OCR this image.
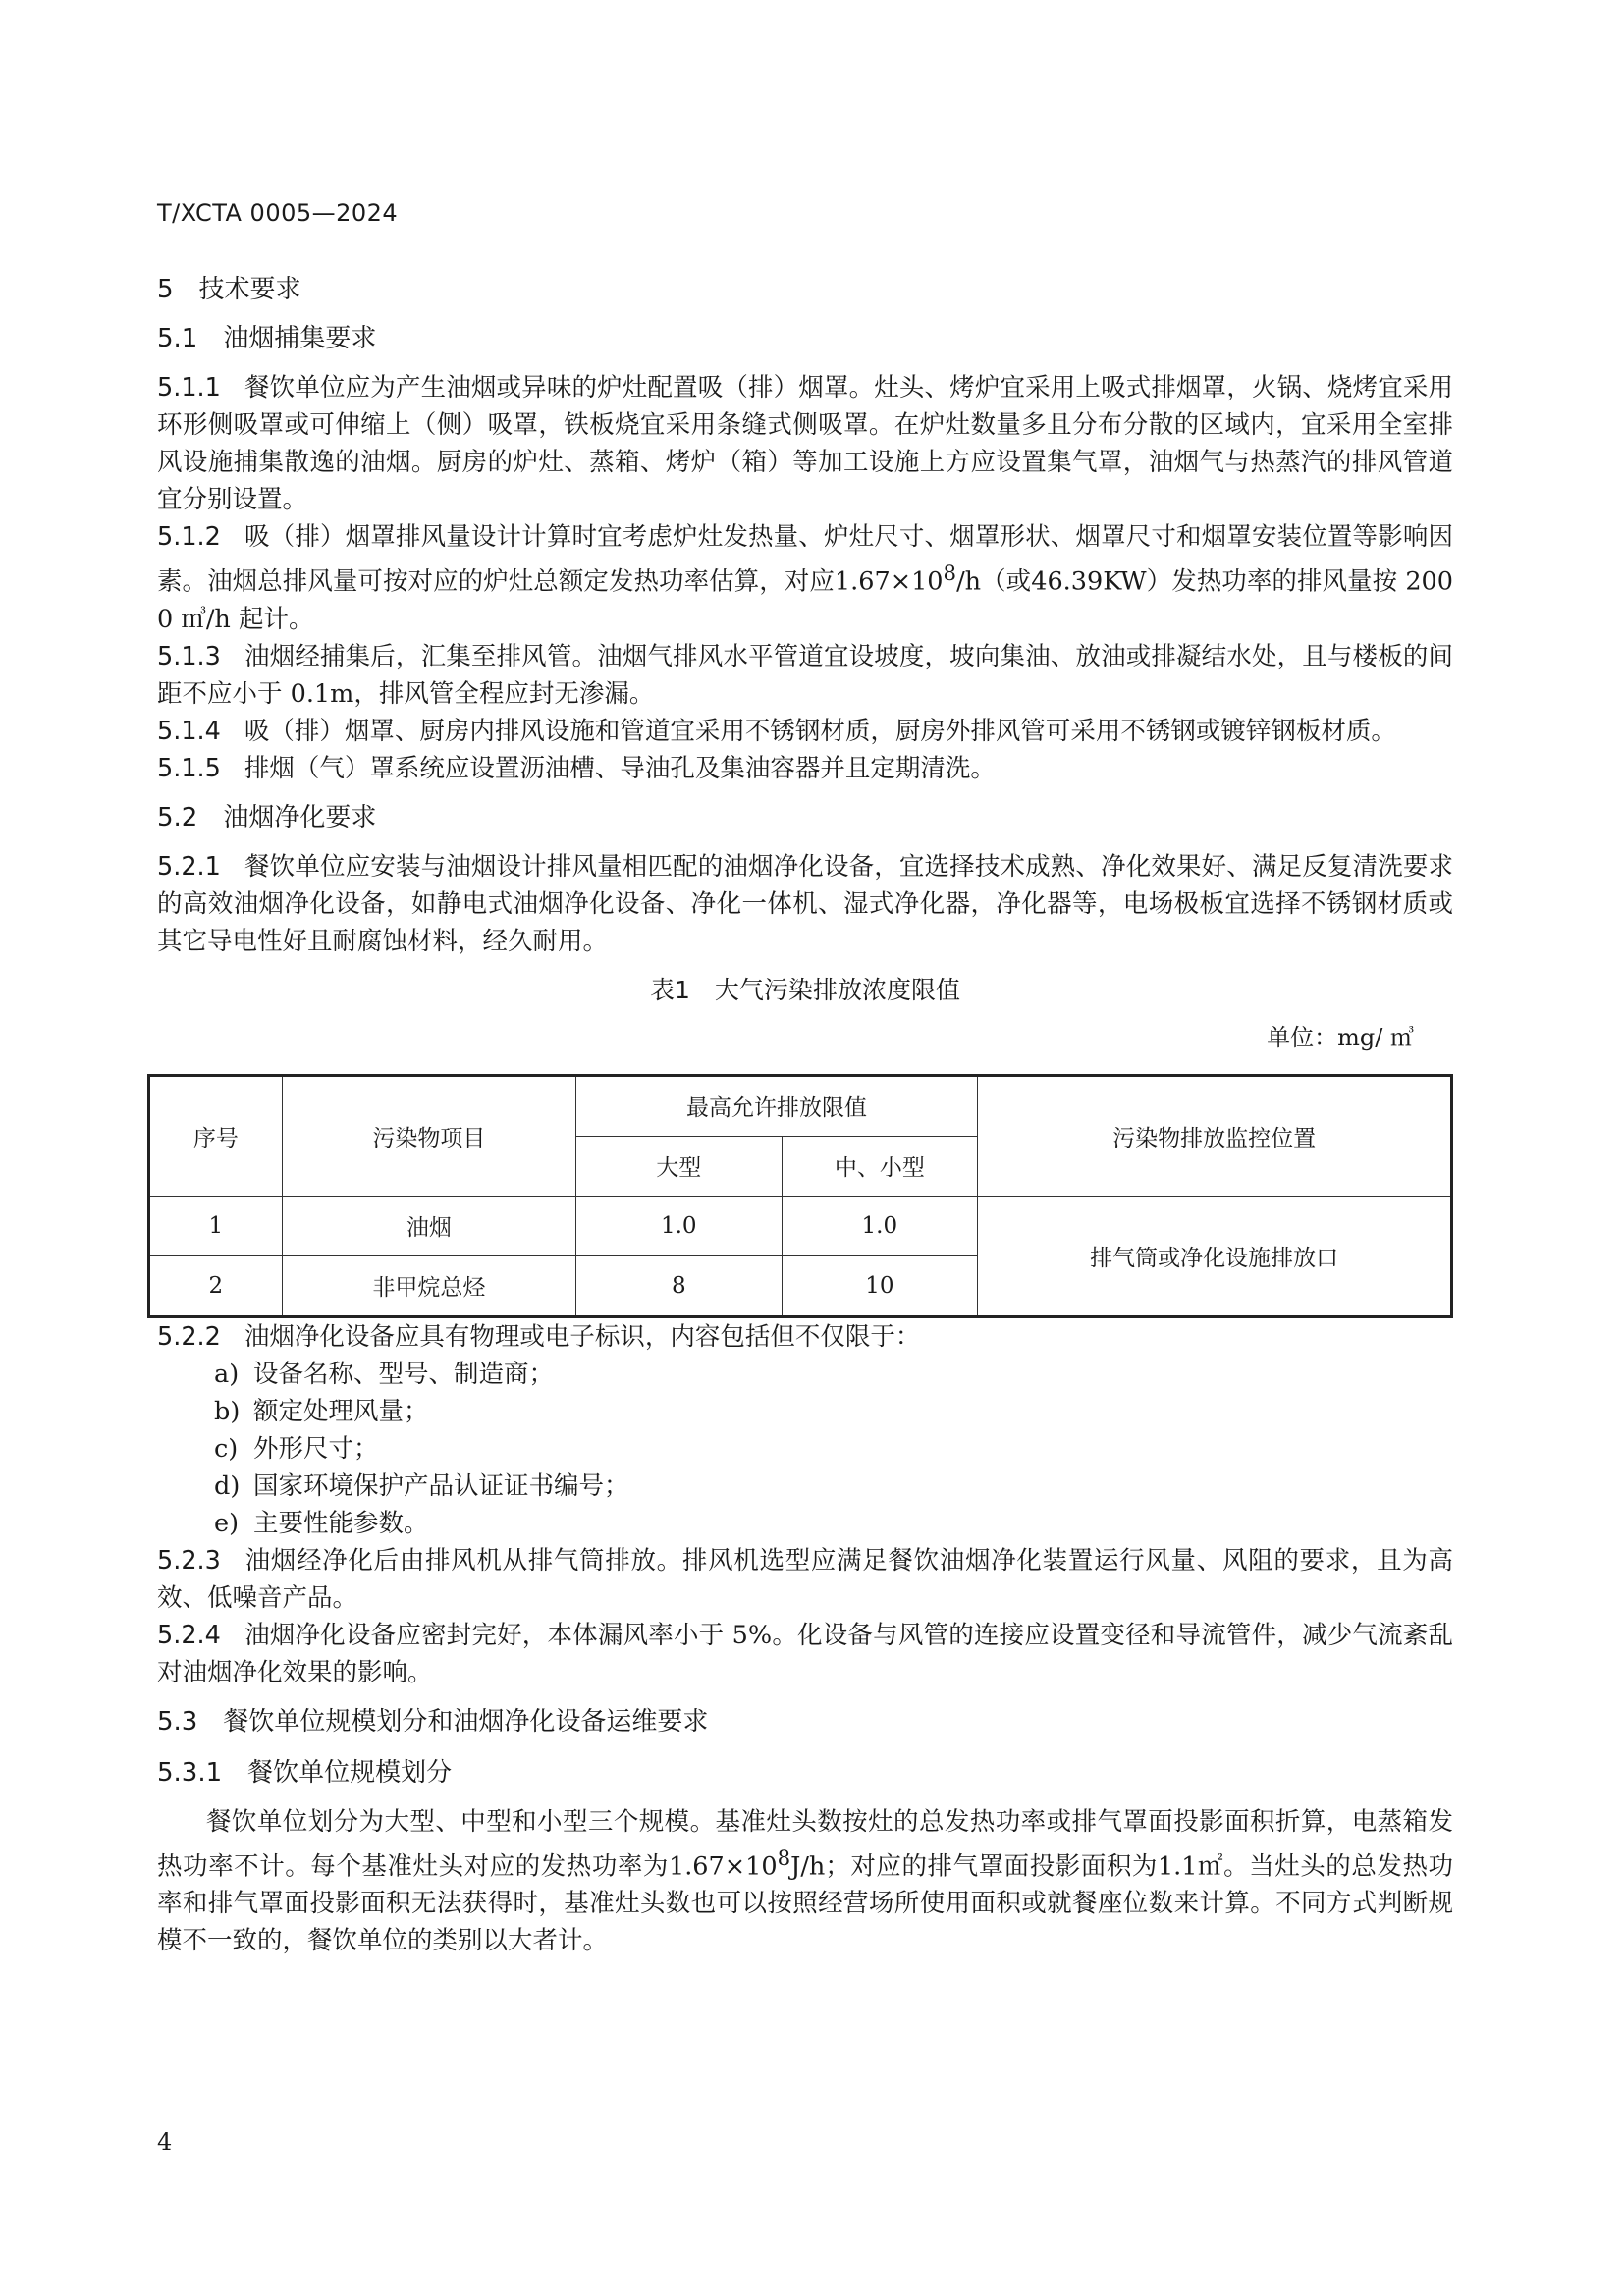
T/XCTA 0005—2024
5 技术要求
5.1 油烟捕集要求

5.1.1 餐饮单位应为产生油烟或异味的炉灶配置吸（排）烟罩。灶头、烤炉宜采用上吸式排烟罩，火锅、烧烤宜采用环形侧吸罩或可伸缩上（侧）吸罩，铁板烧宜采用条缝式侧吸罩。在炉灶数量多且分布分散的区域内，宜采用全室排风设施捕集散逸的油烟。厨房的炉灶、蒸箱、烤炉（箱）等加工设施上方应设置集气罩，油烟气与热蒸汽的排风管道宜分别设置。

5.1.2 吸（排）烟罩排风量设计计算时宜考虑炉灶发热量、炉灶尺寸、烟罩形状、烟罩尺寸和烟罩安装位置等影响因素。油烟总排风量可按对应的炉灶总额定发热功率估算，对应$1.67\times 10^8/h$（或46.39KW）发热功率的排风量按 2000 ㎥/h 起计。

5.1.3 油烟经捕集后，汇集至排风管。油烟气排风水平管道宜设坡度，坡向集油、放油或排凝结水处，且与楼板的间距不应小于 0.1m，排风管全程应封无渗漏。

5.1.4 吸（排）烟罩、厨房内排风设施和管道宜采用不锈钢材质，厨房外排风管可采用不锈钢或镀锌钢板材质。

5.1.5 排烟（气）罩系统应设置沥油槽、导油孔及集油容器并且定期清洗。

5.2 油烟净化要求

5.2.1 餐饮单位应安装与油烟设计排风量相匹配的油烟净化设备，宜选择技术成熟、净化效果好、满足反复清洗要求的高效油烟净化设备，如静电式油烟净化设备、净化一体机、湿式净化器，净化器等，电场极板宜选择不锈钢材质或其它导电性好且耐腐蚀材料，经久耐用。

表1　大气污染排放浓度限值
单位：mg/ ㎥
序号	污染物项目	最高允许排放限值		污染物排放监控位置
		大型	中、小型	
1	油烟	1.0	1.0	排气筒或净化设施排放口
2	非甲烷总烃	8	10	

5.2.2 油烟净化设备应具有物理或电子标识，内容包括但不仅限于：

a) 设备名称、型号、制造商；
b) 额定处理风量；
c) 外形尺寸；
d) 国家环境保护产品认证证书编号；
e) 主要性能参数。

5.2.3 油烟经净化后由排风机从排气筒排放。排风机选型应满足餐饮油烟净化装置运行风量、风阻的要求，且为高效、低噪音产品。

5.2.4 油烟净化设备应密封完好，本体漏风率小于 5%。化设备与风管的连接应设置变径和导流管件，减少气流紊乱对油烟净化效果的影响。

5.3 餐饮单位规模划分和油烟净化设备运维要求
5.3.1 餐饮单位规模划分

餐饮单位划分为大型、中型和小型三个规模。基准灶头数按灶的总发热功率或排气罩面投影面积折算，电蒸箱发热功率不计。每个基准灶头对应的发热功率为$1.67\times 10^8J/h$；对应的排气罩面投影面积为1.1㎡。当灶头的总发热功率和排气罩面投影面积无法获得时，基准灶头数也可以按照经营场所使用面积或就餐座位数来计算。不同方式判断规模不一致的，餐饮单位的类别以大者计。

4
